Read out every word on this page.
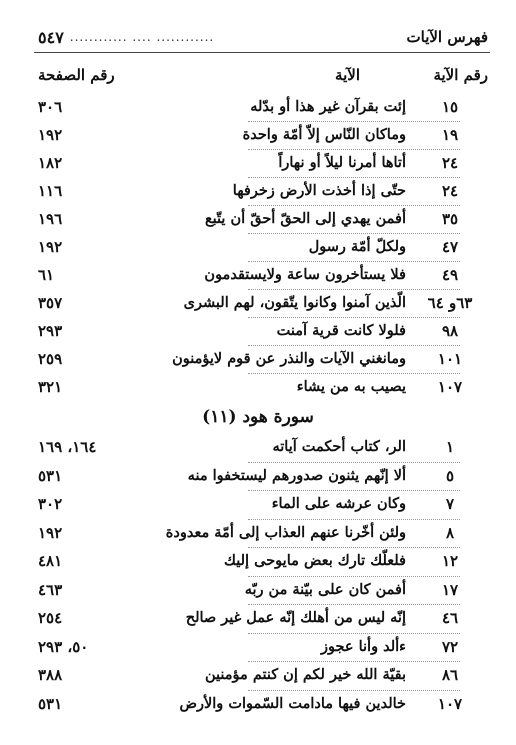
٥٤٧ ............ .... ............	فهرس الآيات
رقم الآية
الآية
رقم الصفحة
١٥
إئت بقرآن غير هذا أو بدّله
٣٠٦
١٩
وماكان النّاس إلاّ أمّة واحدة
١٩٢
٢٤
أتاها أمرنا ليلاً أو نهاراً
١٨٢
٢٤
حتّى إذا أخذت الأرض زخرفها
١١٦
٣٥
أفمن يهدي إلى الحقّ أحقّ أن يتّبع
١٩٦
٤٧
ولكلّ أمّة رسول
١٩٢
٤٩
فلا يستأخرون ساعة ولايستقدمون
٦١
٦٣و ٦٤
الّذين آمنوا وكانوا يتّقون، لهم البشرى
٣٥٧
٩٨
فلولا كانت قرية آمنت
٢٩٣
١٠١
ومانغني الآيات والنذر عن قوم لايؤمنون
٢٥٩
١٠٧
يصيب به من يشاء
٣٢١
سورة هود (١١)
١
الر، كتاب أحكمت آياته
١٦٤، ١٦٩
٥
ألا إنّهم يثنون صدورهم ليستخفوا منه
٥٣١
٧
وكان عرشه على الماء
٣٠٢
٨
ولئن أخّرنا عنهم العذاب إلى أمّة معدودة
١٩٢
١٢
فلعلّك تارك بعض مايوحى إليك
٤٨١
١٧
أفمن كان على بيّنة من ربّه
٤٦٣
٤٦
إنّه ليس من أهلك إنّه عمل غير صالح
٢٥٤
٧٢
ءألد وأنا عجوز
٥٠، ٢٩٣
٨٦
بقيّة الله خير لكم إن كنتم مؤمنين
٣٨٨
١٠٧
خالدين فيها مادامت السّموات والأرض
٥٣١
